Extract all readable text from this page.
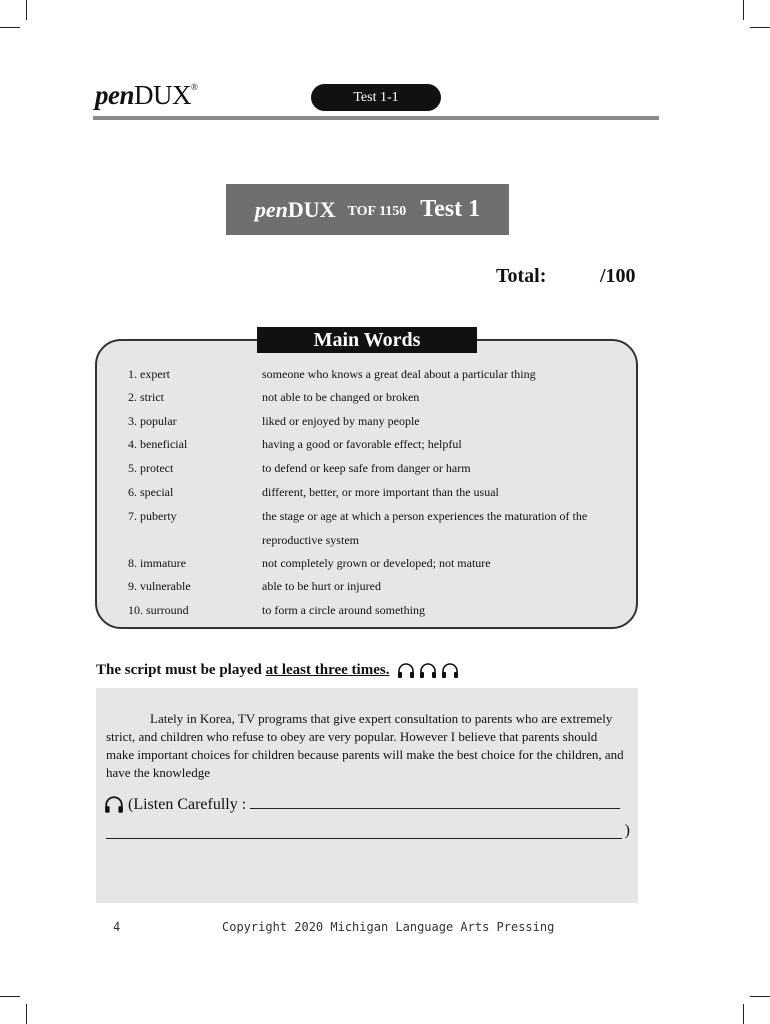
penDUX®
Test 1-1
penDUX TOF 1150 Test 1
Total:	/100
Main Words
1. expert	someone who knows a great deal about a particular thing
2. strict	not able to be changed or broken
3. popular	liked or enjoyed by many people
4. beneficial	having a good or favorable effect; helpful
5. protect	to defend or keep safe from danger or harm
6. special	different, better, or more important than the usual
7. puberty	the stage or age at which a person experiences the maturation of the reproductive system
8. immature	not completely grown or developed; not mature
9. vulnerable	able to be hurt or injured
10. surround	to form a circle around something
The script must be played at least three times.
Lately in Korea, TV programs that give expert consultation to parents who are extremely strict, and children who refuse to obey are very popular. However I believe that parents should make important choices for children because parents will make the best choice for the children, and have the knowledge
(Listen Carefully :
)
4	Copyright 2020 Michigan Language Arts Pressing
